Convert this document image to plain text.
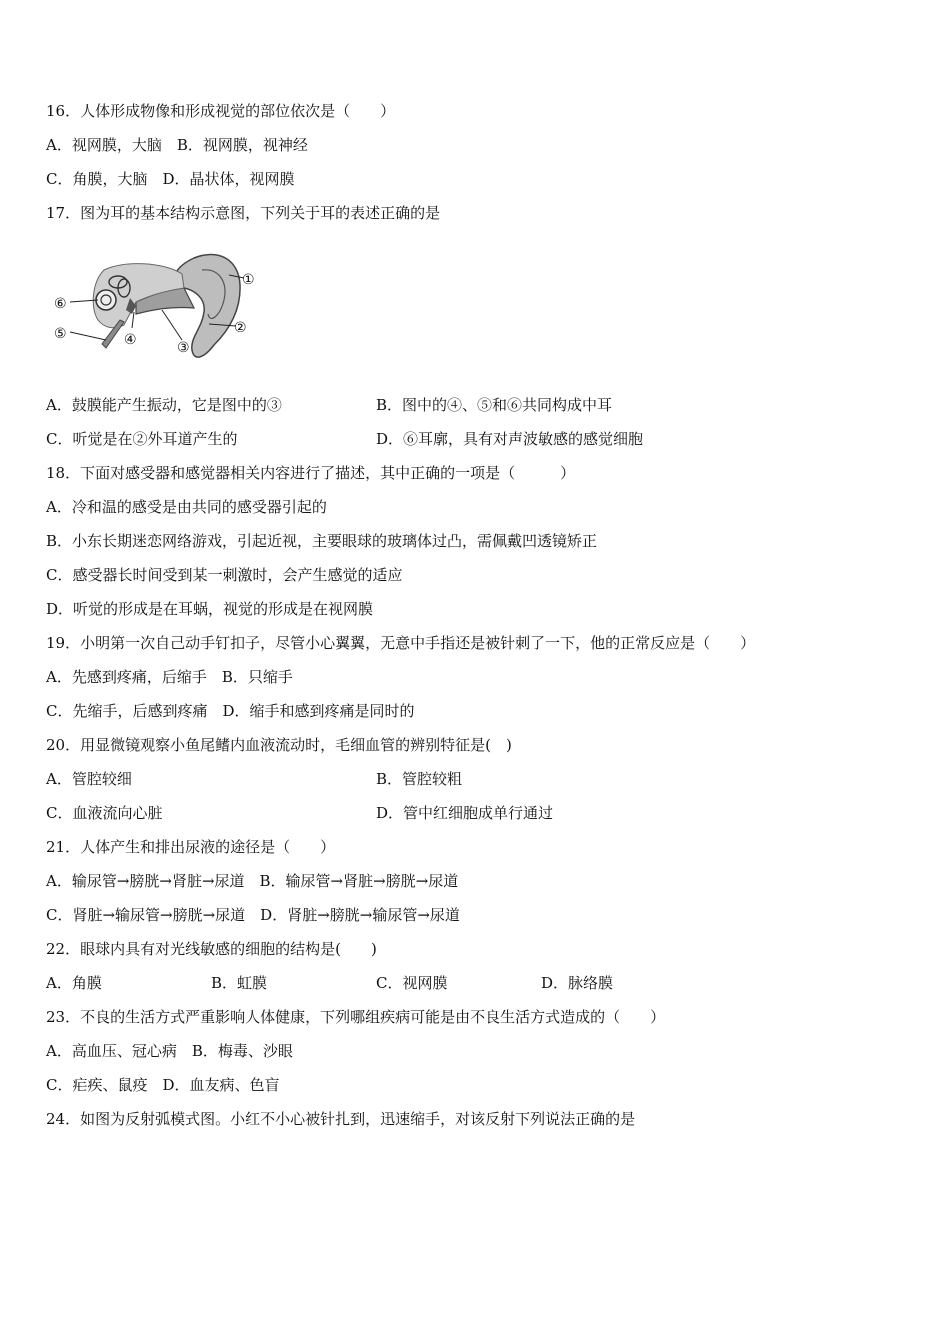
16．人体形成物像和形成视觉的部位依次是（　　）
A．视网膜，大脑　B．视网膜，视神经
C．角膜，大脑　D．晶状体，视网膜
17．图为耳的基本结构示意图，下列关于耳的表述正确的是
①
②
③
④
⑤
⑥
A．鼓膜能产生振动，它是图中的③	B．图中的④、⑤和⑥共同构成中耳
C．听觉是在②外耳道产生的	D．⑥耳廓，具有对声波敏感的感觉细胞
18．下面对感受器和感觉器相关内容进行了描述，其中正确的一项是（　　　）
A．冷和温的感受是由共同的感受器引起的
B．小东长期迷恋网络游戏，引起近视，主要眼球的玻璃体过凸，需佩戴凹透镜矫正
C．感受器长时间受到某一刺激时，会产生感觉的适应
D．听觉的形成是在耳蜗，视觉的形成是在视网膜
19．小明第一次自己动手钉扣子，尽管小心翼翼，无意中手指还是被针刺了一下，他的正常反应是（　　）
A．先感到疼痛，后缩手　B．只缩手
C．先缩手，后感到疼痛　D．缩手和感到疼痛是同时的
20．用显微镜观察小鱼尾鳍内血液流动时，毛细血管的辨别特征是(　)
A．管腔较细	B．管腔较粗
C．血液流向心脏	D．管中红细胞成单行通过
21．人体产生和排出尿液的途径是（　　）
A．输尿管→膀胱→肾脏→尿道　B．输尿管→肾脏→膀胱→尿道
C．肾脏→输尿管→膀胱→尿道　D．肾脏→膀胱→输尿管→尿道
22．眼球内具有对光线敏感的细胞的结构是(　　)
A．角膜	B．虹膜	C．视网膜	D．脉络膜
23．不良的生活方式严重影响人体健康，下列哪组疾病可能是由不良生活方式造成的（　　）
A．高血压、冠心病　B．梅毒、沙眼
C．疟疾、鼠疫　D．血友病、色盲
24．如图为反射弧模式图。小红不小心被针扎到，迅速缩手，对该反射下列说法正确的是
